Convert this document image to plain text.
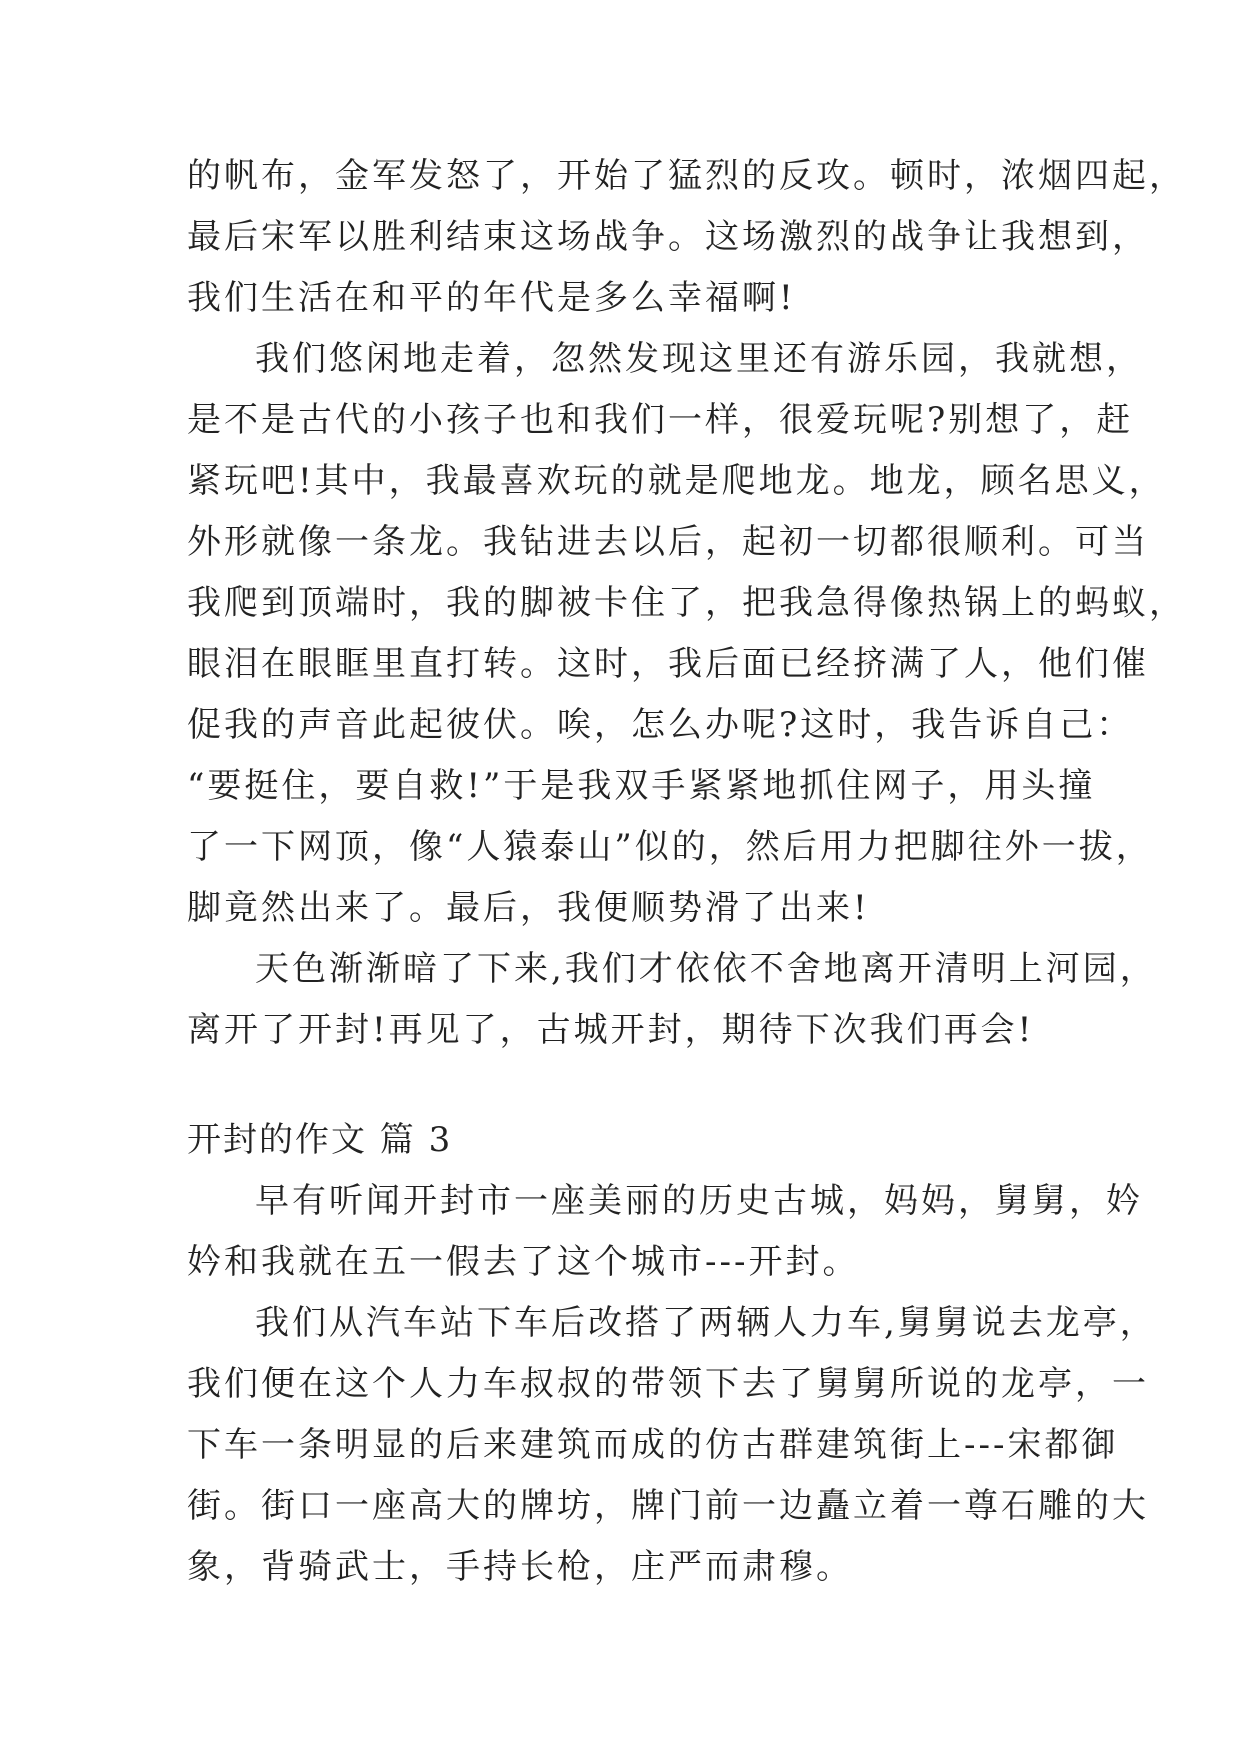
的帆布，金军发怒了，开始了猛烈的反攻。顿时，浓烟四起，
最后宋军以胜利结束这场战争。这场激烈的战争让我想到，
我们生活在和平的年代是多么幸福啊!
我们悠闲地走着，忽然发现这里还有游乐园，我就想，
是不是古代的小孩子也和我们一样，很爱玩呢?别想了，赶
紧玩吧!其中，我最喜欢玩的就是爬地龙。地龙，顾名思义，
外形就像一条龙。我钻进去以后，起初一切都很顺利。可当
我爬到顶端时，我的脚被卡住了，把我急得像热锅上的蚂蚁，
眼泪在眼眶里直打转。这时，我后面已经挤满了人，他们催
促我的声音此起彼伏。唉，怎么办呢?这时，我告诉自己：
“要挺住，要自救!”于是我双手紧紧地抓住网子，用头撞
了一下网顶，像“人猿泰山”似的，然后用力把脚往外一拔，
脚竟然出来了。最后，我便顺势滑了出来!
天色渐渐暗了下来,我们才依依不舍地离开清明上河园，
离开了开封!再见了，古城开封，期待下次我们再会!
开封的作文 篇 3
早有听闻开封市一座美丽的历史古城，妈妈，舅舅，妗
妗和我就在五一假去了这个城市---开封。
我们从汽车站下车后改搭了两辆人力车,舅舅说去龙亭，
我们便在这个人力车叔叔的带领下去了舅舅所说的龙亭，一
下车一条明显的后来建筑而成的仿古群建筑街上---宋都御
街。街口一座高大的牌坊，牌门前一边矗立着一尊石雕的大
象，背骑武士，手持长枪，庄严而肃穆。
